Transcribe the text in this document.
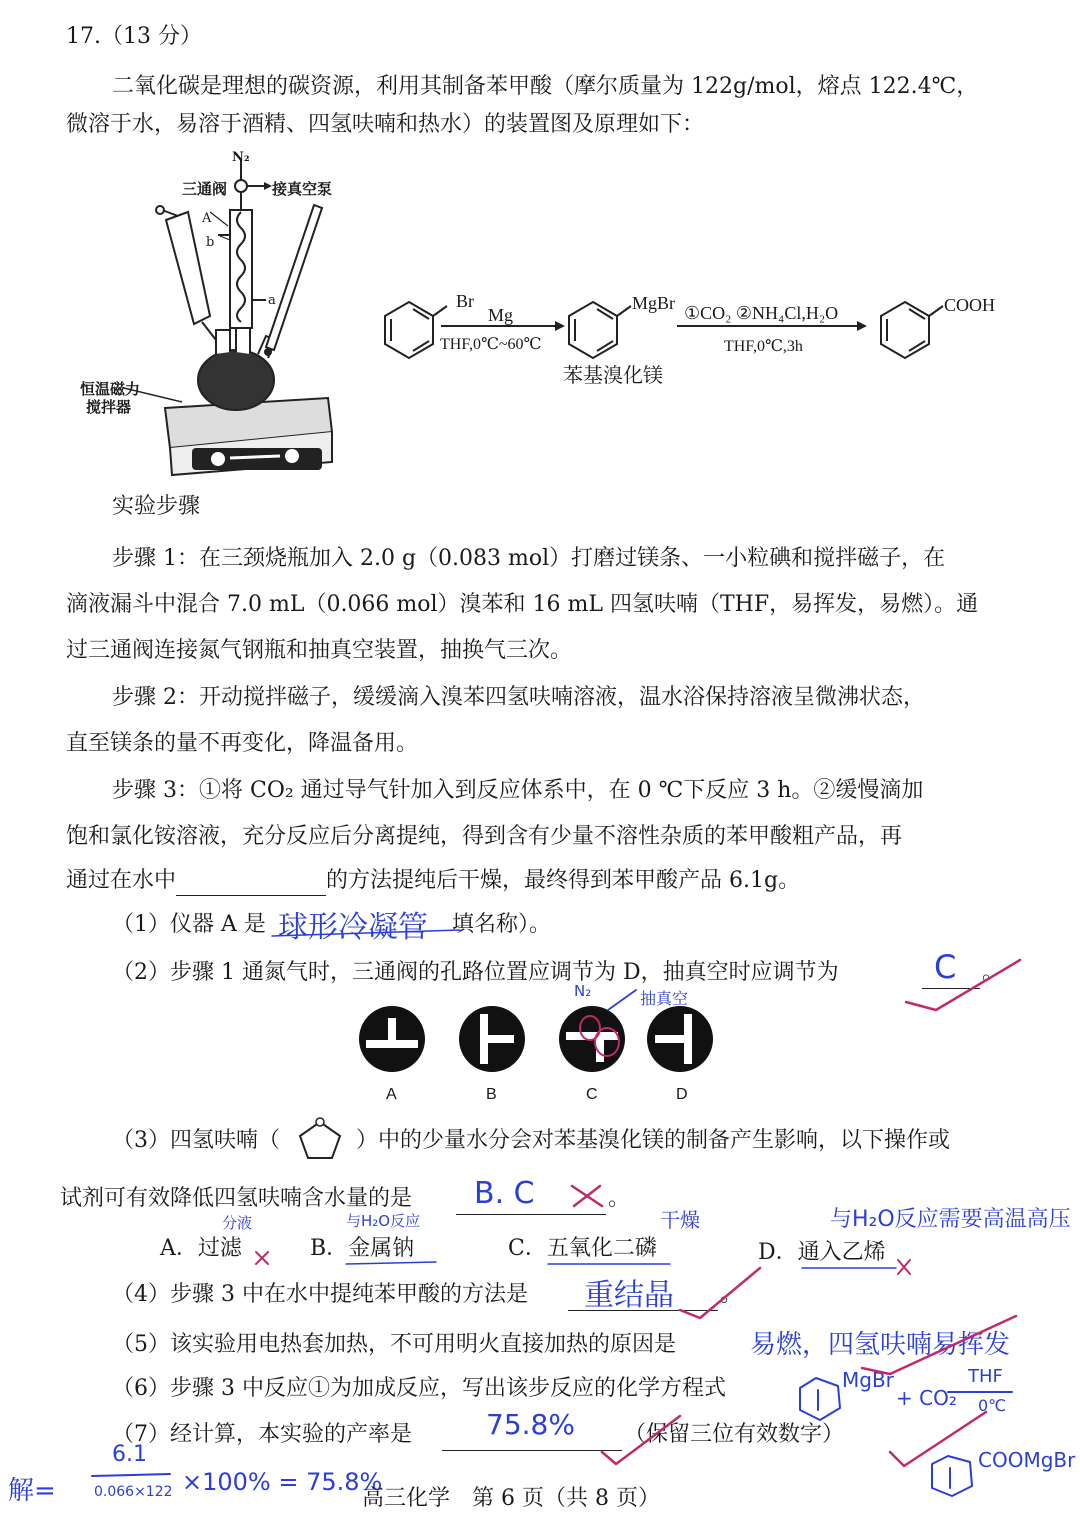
17.（13 分）
二氧化碳是理想的碳资源，利用其制备苯甲酸（摩尔质量为 122g/mol，熔点 122.4℃，
微溶于水，易溶于酒精、四氢呋喃和热水）的装置图及原理如下：
N₂
三通阀	接真空泵
A
b
a
恒温磁力
搅拌器
Br
Mg
THF,0℃~60℃
MgBr
苯基溴化镁
①CO₂ ②NH₄Cl,H₂O
THF,0℃,3h
COOH
实验步骤
步骤 1：在三颈烧瓶加入 2.0 g（0.083 mol）打磨过镁条、一小粒碘和搅拌磁子，在
滴液漏斗中混合 7.0 mL（0.066 mol）溴苯和 16 mL 四氢呋喃（THF，易挥发，易燃）。通
过三通阀连接氮气钢瓶和抽真空装置，抽换气三次。
步骤 2：开动搅拌磁子，缓缓滴入溴苯四氢呋喃溶液，温水浴保持溶液呈微沸状态，
直至镁条的量不再变化，降温备用。
步骤 3：①将 CO₂ 通过导气针加入到反应体系中，在 0 ℃下反应 3 h。②缓慢滴加
饱和氯化铵溶液，充分反应后分离提纯，得到含有少量不溶性杂质的苯甲酸粗产品，再
通过在水中	的方法提纯后干燥，最终得到苯甲酸产品 6.1g。
（1）仪器 A 是	填名称）。
球形冷凝管
（2）步骤 1 通氮气时，三通阀的孔路位置应调节为 D，抽真空时应调节为	。
C
N₂	抽真空
A	B	C	D
（3）四氢呋喃（	）中的少量水分会对苯基溴化镁的制备产生影响，以下操作或
试剂可有效降低四氢呋喃含水量的是	。
B. C
A．过滤	B．金属钠	C．五氧化二磷	D．通入乙烯
分液	与H₂O反应	干燥	与H₂O反应需要高温高压
（4）步骤 3 中在水中提纯苯甲酸的方法是	。
重结晶
（5）该实验用电热套加热，不可用明火直接加热的原因是	易燃，四氢呋喃易挥发
（6）步骤 3 中反应①为加成反应，写出该步反应的化学方程式	MgBr
+ CO₂
THF
0℃
COOMgBr
（7）经计算，本实验的产率是	（保留三位有效数字）
75.8%
解=
6.1
0.066×122 ×100% = 75.8%
高三化学　第 6 页（共 8 页）
